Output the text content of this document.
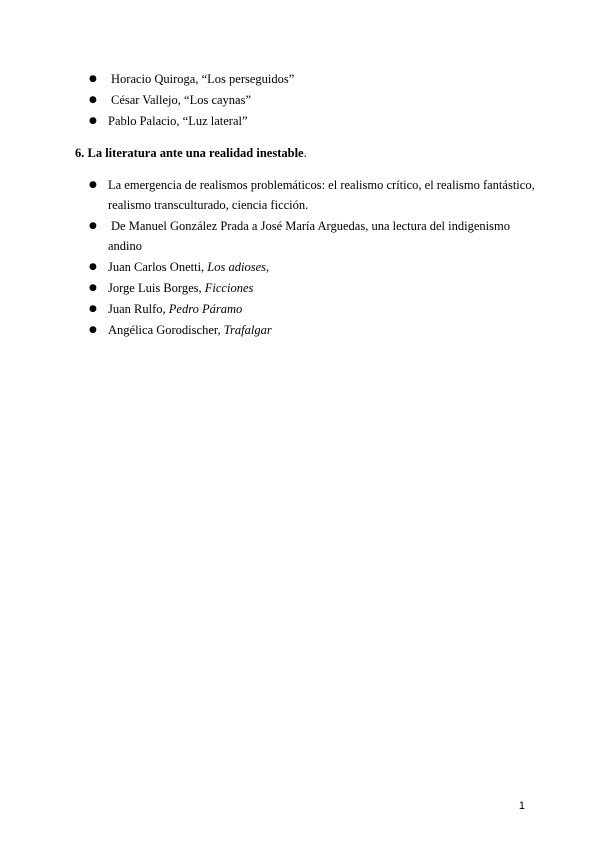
● Horacio Quiroga, “Los perseguidos”
● César Vallejo, “Los caynas”
● Pablo Palacio, “Luz lateral”

6. La literatura ante una realidad inestable.

● La emergencia de realismos problemáticos: el realismo crítico, el realismo fantástico, realismo transculturado, ciencia ficción.
● De Manuel González Prada a José María Arguedas, una lectura del indigenismo andino
● Juan Carlos Onetti, Los adioses,
● Jorge Luis Borges, Ficciones
● Juan Rulfo, Pedro Páramo
● Angélica Gorodischer, Trafalgar
1
